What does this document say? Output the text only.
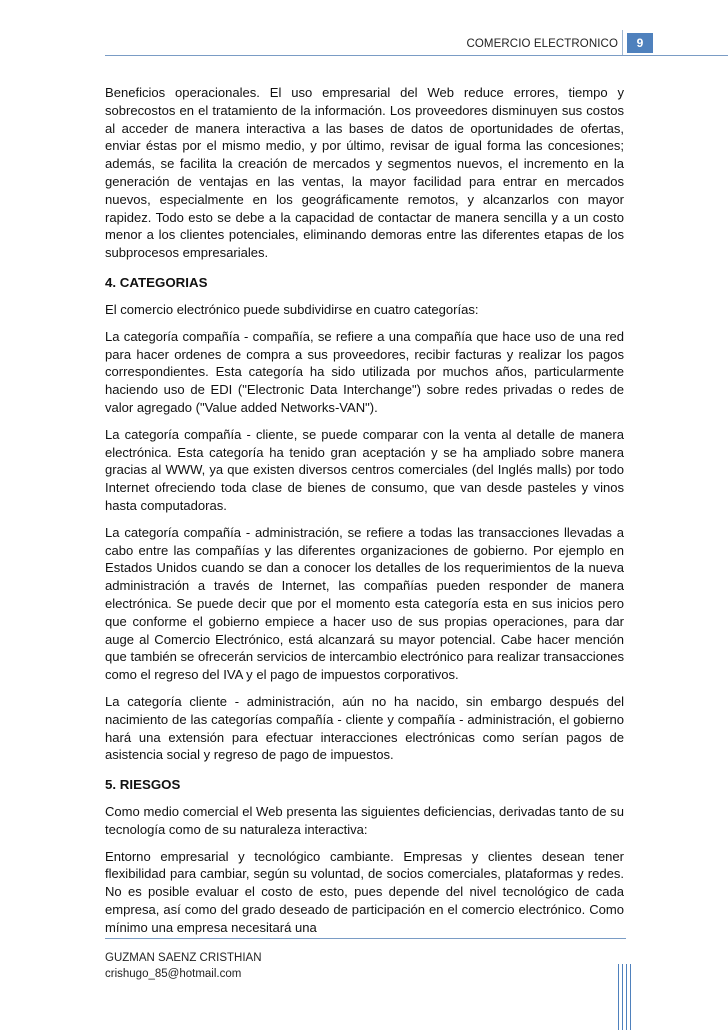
COMERCIO ELECTRONICO	9

Beneficios operacionales. El uso empresarial del Web reduce errores, tiempo y sobrecostos en el tratamiento de la información. Los proveedores disminuyen sus costos al acceder de manera interactiva a las bases de datos de oportunidades de ofertas, enviar éstas por el mismo medio, y por último, revisar de igual forma las concesiones; además, se facilita la creación de mercados y segmentos nuevos, el incremento en la generación de ventajas en las ventas, la mayor facilidad para entrar en mercados nuevos, especialmente en los geográficamente remotos, y alcanzarlos con mayor rapidez. Todo esto se debe a la capacidad de contactar de manera sencilla y a un costo menor a los clientes potenciales, eliminando demoras entre las diferentes etapas de los subprocesos empresariales.

4. CATEGORIAS

El comercio electrónico puede subdividirse en cuatro categorías:

La categoría compañía - compañía, se refiere a una compañía que hace uso de una red para hacer ordenes de compra a sus proveedores, recibir facturas y realizar los pagos correspondientes. Esta categoría ha sido utilizada por muchos años, particularmente haciendo uso de EDI ("Electronic Data Interchange") sobre redes privadas o redes de valor agregado ("Value added Networks-VAN").

La categoría compañía - cliente, se puede comparar con la venta al detalle de manera electrónica. Esta categoría ha tenido gran aceptación y se ha ampliado sobre manera gracias al WWW, ya que existen diversos centros comerciales (del Inglés malls) por todo Internet ofreciendo toda clase de bienes de consumo, que van desde pasteles y vinos hasta computadoras.

La categoría compañía - administración, se refiere a todas las transacciones llevadas a cabo entre las compañías y las diferentes organizaciones de gobierno. Por ejemplo en Estados Unidos cuando se dan a conocer los detalles de los requerimientos de la nueva administración a través de Internet, las compañías pueden responder de manera electrónica. Se puede decir que por el momento esta categoría esta en sus inicios pero que conforme el gobierno empiece a hacer uso de sus propias operaciones, para dar auge al Comercio Electrónico, está alcanzará su mayor potencial. Cabe hacer mención que también se ofrecerán servicios de intercambio electrónico para realizar transacciones como el regreso del IVA y el pago de impuestos corporativos.

La categoría cliente - administración, aún no ha nacido, sin embargo después del nacimiento de las categorías compañía - cliente y compañía - administración, el gobierno hará una extensión para efectuar interacciones electrónicas como serían pagos de asistencia social y regreso de pago de impuestos.

5. RIESGOS

Como medio comercial el Web presenta las siguientes deficiencias, derivadas tanto de su tecnología como de su naturaleza interactiva:

Entorno empresarial y tecnológico cambiante. Empresas y clientes desean tener flexibilidad para cambiar, según su voluntad, de socios comerciales, plataformas y redes. No es posible evaluar el costo de esto, pues depende del nivel tecnológico de cada empresa, así como del grado deseado de participación en el comercio electrónico. Como mínimo una empresa necesitará una

GUZMAN SAENZ CRISTHIAN
crishugo_85@hotmail.com
